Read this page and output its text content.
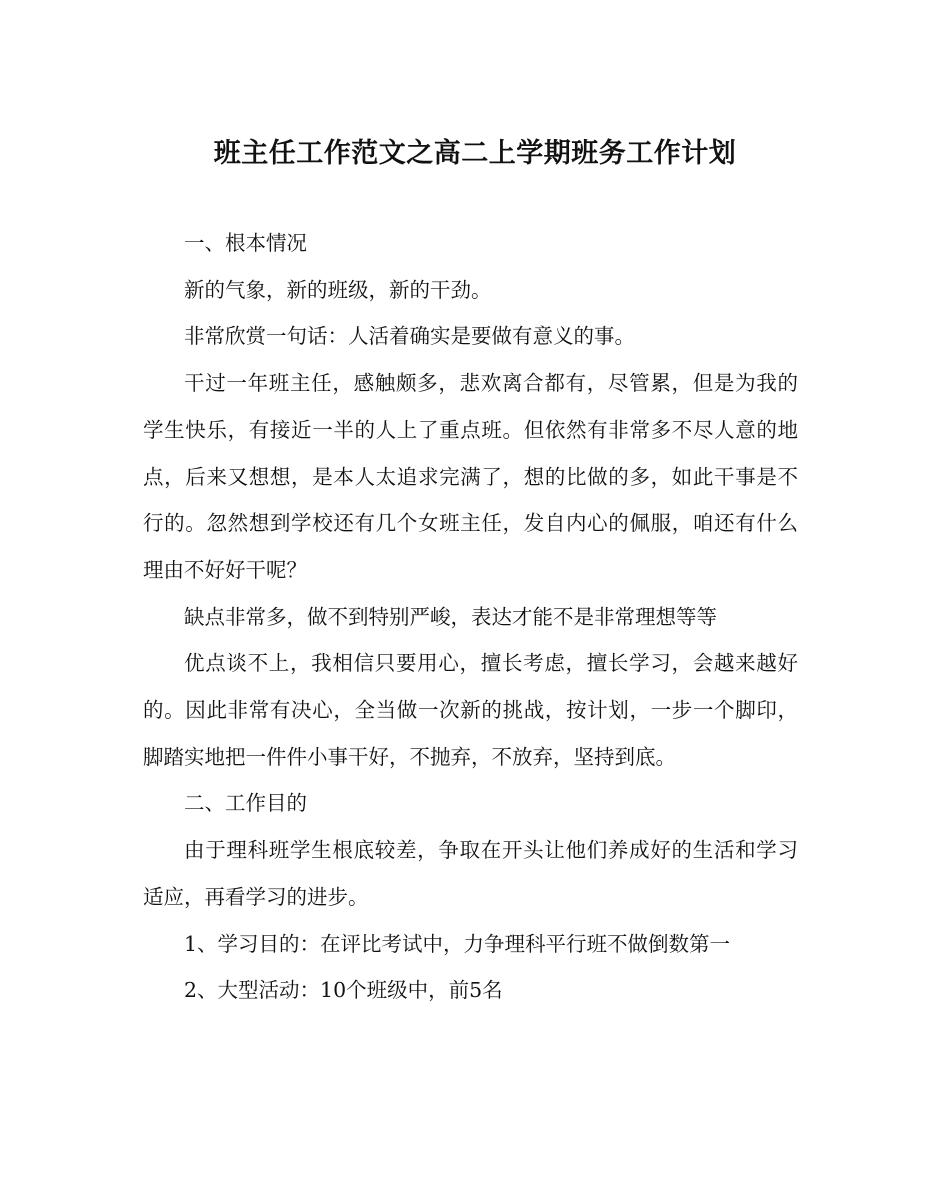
班主任工作范文之高二上学期班务工作计划

一、根本情况

新的气象，新的班级，新的干劲。

非常欣赏一句话：人活着确实是要做有意义的事。

干过一年班主任，感触颇多，悲欢离合都有，尽管累，但是为我的学生快乐，有接近一半的人上了重点班。但依然有非常多不尽人意的地点，后来又想想，是本人太追求完满了，想的比做的多，如此干事是不行的。忽然想到学校还有几个女班主任，发自内心的佩服，咱还有什么理由不好好干呢？

缺点非常多，做不到特别严峻，表达才能不是非常理想等等

优点谈不上，我相信只要用心，擅长考虑，擅长学习，会越来越好的。因此非常有决心，全当做一次新的挑战，按计划，一步一个脚印，脚踏实地把一件件小事干好，不抛弃，不放弃，坚持到底。

二、工作目的

由于理科班学生根底较差，争取在开头让他们养成好的生活和学习适应，再看学习的进步。

1、学习目的：在评比考试中，力争理科平行班不做倒数第一

2、大型活动：10个班级中，前5名
